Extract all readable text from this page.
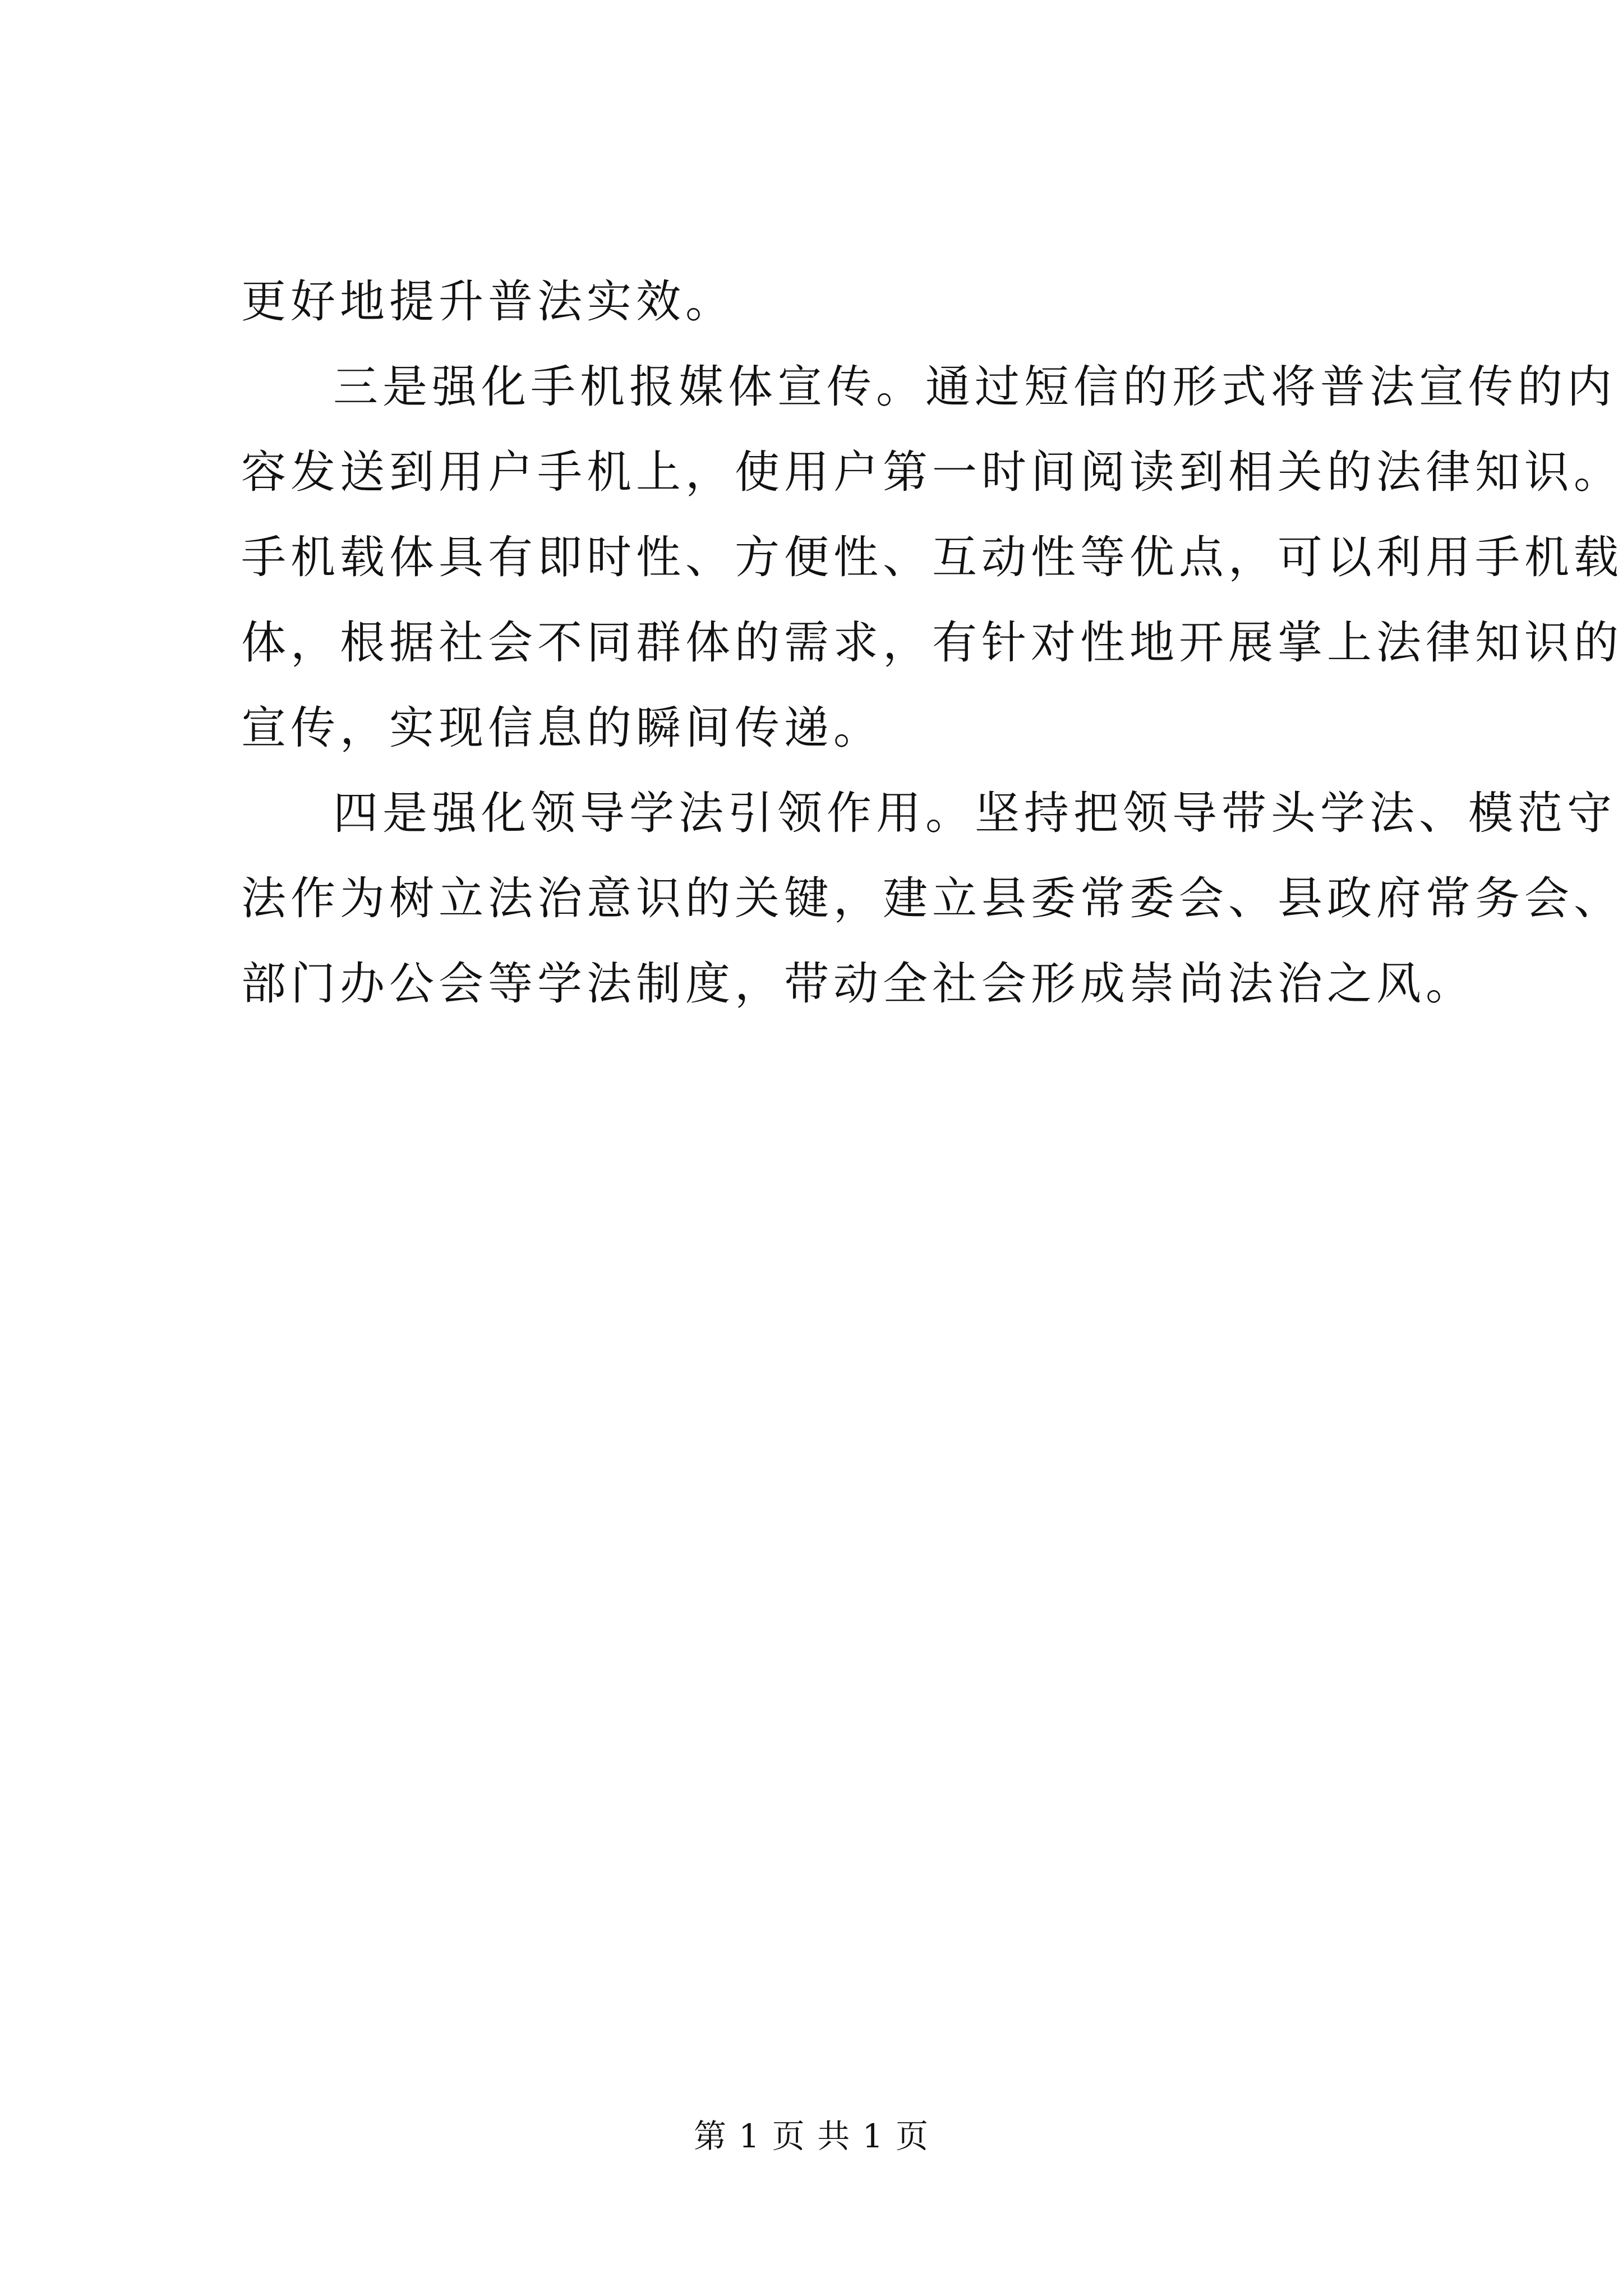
更好地提升普法实效。
三是强化手机报媒体宣传。通过短信的形式将普法宣传的内
容发送到用户手机上，使用户第一时间阅读到相关的法律知识。
手机载体具有即时性、方便性、互动性等优点，可以利用手机载
体，根据社会不同群体的需求，有针对性地开展掌上法律知识的
宣传，实现信息的瞬间传递。
四是强化领导学法引领作用。坚持把领导带头学法、模范守
法作为树立法治意识的关键，建立县委常委会、县政府常务会、
部门办公会等学法制度，带动全社会形成崇尚法治之风。
第 1 页 共 1 页
